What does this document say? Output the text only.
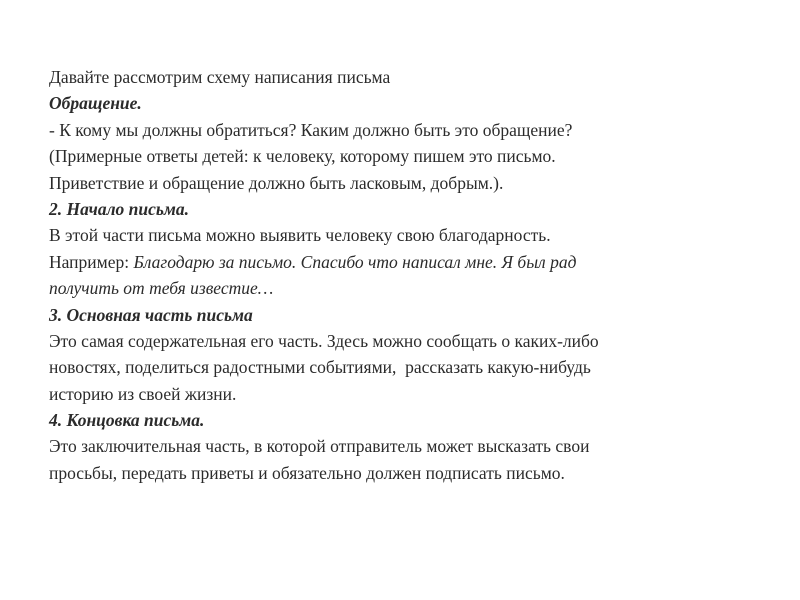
Давайте рассмотрим схему написания письма
Обращение.
- К кому мы должны обратиться? Каким должно быть это обращение?
(Примерные ответы детей: к человеку, которому пишем это письмо.
Приветствие и обращение должно быть ласковым, добрым.).
2. Начало письма.
В этой части письма можно выявить человеку свою благодарность.
Например: Благодарю за письмо. Спасибо что написал мне. Я был рад
получить от тебя известие…
3. Основная часть письма
Это самая содержательная его часть. Здесь можно сообщать о каких-либо
новостях, поделиться радостными событиями,  рассказать какую-нибудь
историю из своей жизни.
4. Концовка письма.
Это заключительная часть, в которой отправитель может высказать свои
просьбы, передать приветы и обязательно должен подписать письмо.
